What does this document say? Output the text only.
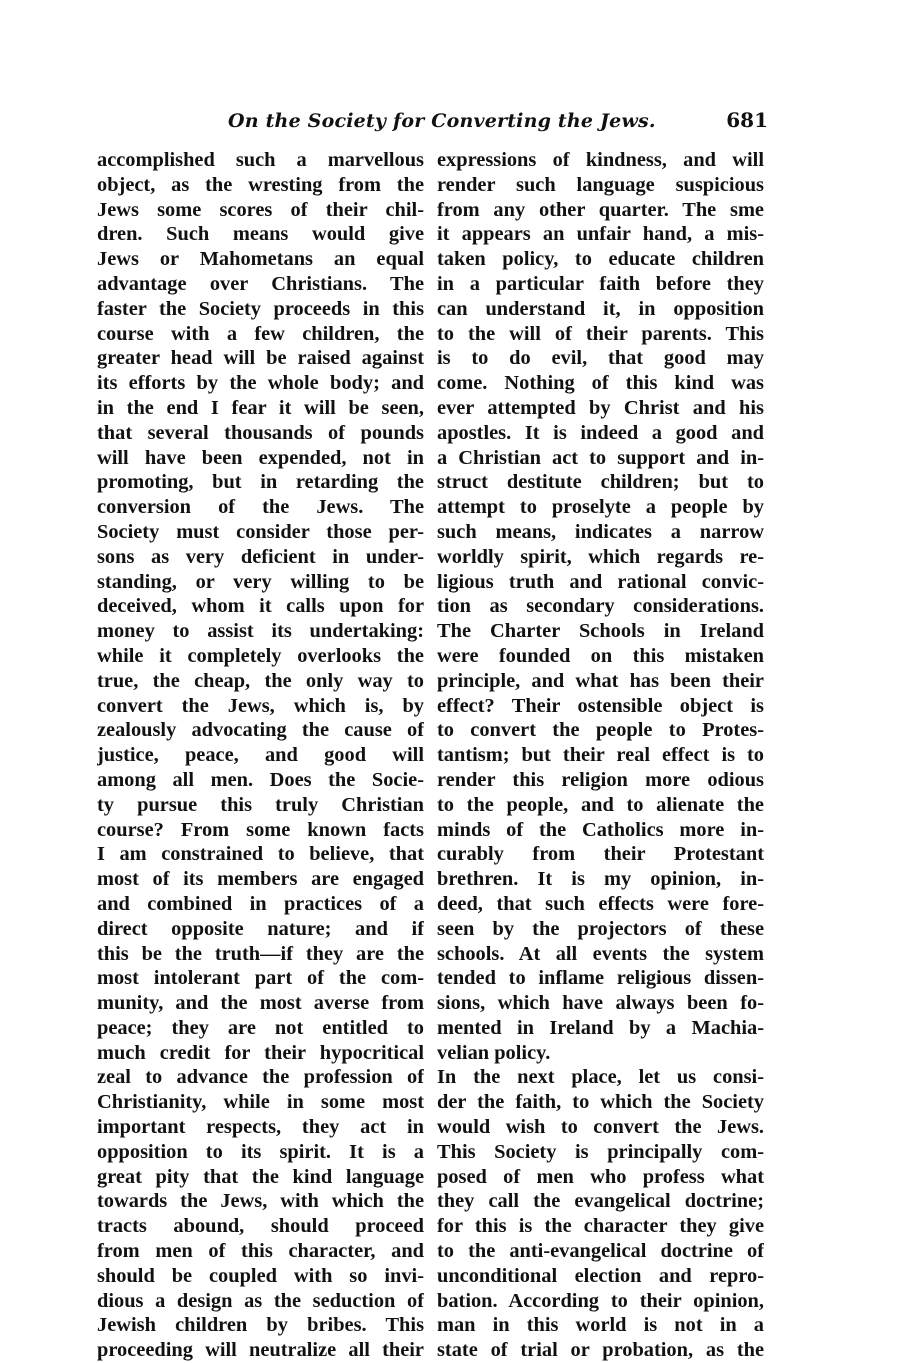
On the Society for Converting the Jews.	681
accomplished such a marvellous
object, as the wresting from the
Jews some scores of their chil-
dren. Such means would give
Jews or Mahometans an equal
advantage over Christians. The
faster the Society proceeds in this
course with a few children, the
greater head will be raised against
its efforts by the whole body; and
in the end I fear it will be seen,
that several thousands of pounds
will have been expended, not in
promoting, but in retarding the
conversion of the Jews. The
Society must consider those per-
sons as very deficient in under-
standing, or very willing to be
deceived, whom it calls upon for
money to assist its undertaking:
while it completely overlooks the
true, the cheap, the only way to
convert the Jews, which is, by
zealously advocating the cause of
justice, peace, and good will
among all men. Does the Socie-
ty pursue this truly Christian
course? From some known facts
I am constrained to believe, that
most of its members are engaged
and combined in practices of a
direct opposite nature; and if
this be the truth—if they are the
most intolerant part of the com-
munity, and the most averse from
peace; they are not entitled to
much credit for their hypocritical
zeal to advance the profession of
Christianity, while in some most
important respects, they act in
opposition to its spirit. It is a
great pity that the kind language
towards the Jews, with which the
tracts abound, should proceed
from men of this character, and
should be coupled with so invi-
dious a design as the seduction of
Jewish children by bribes. This
proceeding will neutralize all their
expressions of kindness, and will
render such language suspicious
from any other quarter. The sme
it appears an unfair hand, a mis-
taken policy, to educate children
in a particular faith before they
can understand it, in opposition
to the will of their parents. This
is to do evil, that good may
come. Nothing of this kind was
ever attempted by Christ and his
apostles. It is indeed a good and
a Christian act to support and in-
struct destitute children; but to
attempt to proselyte a people by
such means, indicates a narrow
worldly spirit, which regards re-
ligious truth and rational convic-
tion as secondary considerations.
The Charter Schools in Ireland
were founded on this mistaken
principle, and what has been their
effect? Their ostensible object is
to convert the people to Protes-
tantism; but their real effect is to
render this religion more odious
to the people, and to alienate the
minds of the Catholics more in-
curably from their Protestant
brethren. It is my opinion, in-
deed, that such effects were fore-
seen by the projectors of these
schools. At all events the system
tended to inflame religious dissen-
sions, which have always been fo-
mented in Ireland by a Machia-
velian policy.
In the next place, let us consi-
der the faith, to which the Society
would wish to convert the Jews.
This Society is principally com-
posed of men who profess what
they call the evangelical doctrine;
for this is the character they give
to the anti-evangelical doctrine of
unconditional election and repro-
bation. According to their opinion,
man in this world is not in a
state of trial or probation, as the
